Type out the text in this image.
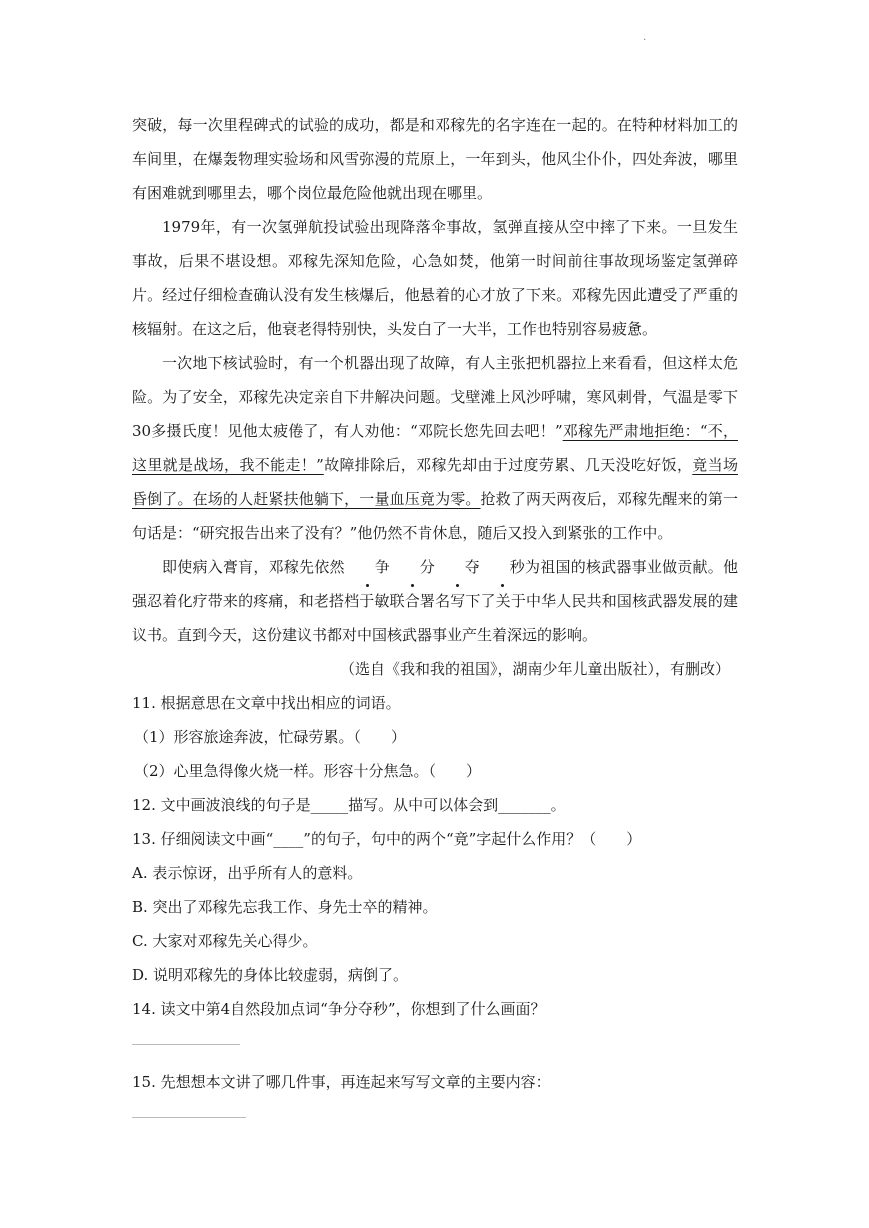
.

突破，每一次里程碑式的试验的成功，都是和邓稼先的名字连在一起的。在特种材料加工的车间里，在爆轰物理实验场和风雪弥漫的荒原上，一年到头，他风尘仆仆，四处奔波，哪里有困难就到哪里去，哪个岗位最危险他就出现在哪里。

1979年，有一次氢弹航投试验出现降落伞事故，氢弹直接从空中摔了下来。一旦发生事故，后果不堪设想。邓稼先深知危险，心急如焚，他第一时间前往事故现场鉴定氢弹碎片。经过仔细检查确认没有发生核爆后，他悬着的心才放了下来。邓稼先因此遭受了严重的核辐射。在这之后，他衰老得特别快，头发白了一大半，工作也特别容易疲惫。

一次地下核试验时，有一个机器出现了故障，有人主张把机器拉上来看看，但这样太危险。为了安全，邓稼先决定亲自下井解决问题。戈壁滩上风沙呼啸，寒风刺骨，气温是零下30多摄氏度！见他太疲倦了，有人劝他：“邓院长您先回去吧！”邓稼先严肃地拒绝：“不，这里就是战场，我不能走！”故障排除后，邓稼先却由于过度劳累、几天没吃好饭，竟当场昏倒了。在场的人赶紧扶他躺下，一量血压竟为零。抢救了两天两夜后，邓稼先醒来的第一句话是：“研究报告出来了没有？”他仍然不肯休息，随后又投入到紧张的工作中。

即使病入膏肓，邓稼先依然 争 分 夺 秒为祖国的核武器事业做贡献。他强忍着化疗带来的疼痛，和老搭档于敏联合署名写下了关于中华人民共和国核武器发展的建议书。直到今天，这份建议书都对中国核武器事业产生着深远的影响。

（选自《我和我的祖国》，湖南少年儿童出版社），有删改）

11. 根据意思在文章中找出相应的词语。

（1）形容旅途奔波，忙碌劳累。（　　）

（2）心里急得像火烧一样。形容十分焦急。（　　）

12. 文中画波浪线的句子是_____描写。从中可以体会到_______。

13. 仔细阅读文中画“____”的句子，句中的两个“竟”字起什么作用？（　　）

A. 表示惊讶，出乎所有人的意料。

B. 突出了邓稼先忘我工作、身先士卒的精神。

C. 大家对邓稼先关心得少。

D. 说明邓稼先的身体比较虚弱，病倒了。

14. 读文中第4自然段加点词“争分夺秒”，你想到了什么画面？

15. 先想想本文讲了哪几件事，再连起来写写文章的主要内容：
